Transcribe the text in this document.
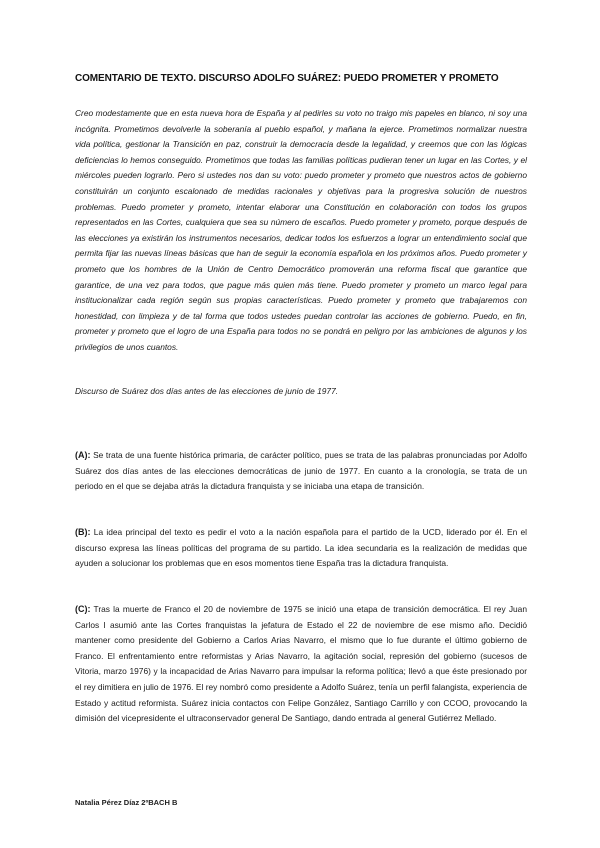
COMENTARIO DE TEXTO. DISCURSO ADOLFO SUÁREZ: PUEDO PROMETER Y PROMETO
Creo modestamente que en esta nueva hora de España y al pedirles su voto no traigo mis papeles en blanco, ni soy una incógnita. Prometimos devolverle la soberanía al pueblo español, y mañana la ejerce. Prometimos normalizar nuestra vida política, gestionar la Transición en paz, construir la democracia desde la legalidad, y creemos que con las lógicas deficiencias lo hemos conseguido. Prometimos que todas las familias políticas pudieran tener un lugar en las Cortes, y el miércoles pueden lograrlo. Pero si ustedes nos dan su voto: puedo prometer y prometo que nuestros actos de gobierno constituirán un conjunto escalonado de medidas racionales y objetivas para la progresiva solución de nuestros problemas. Puedo prometer y prometo, intentar elaborar una Constitución en colaboración con todos los grupos representados en las Cortes, cualquiera que sea su número de escaños. Puedo prometer y prometo, porque después de las elecciones ya existirán los instrumentos necesarios, dedicar todos los esfuerzos a lograr un entendimiento social que permita fijar las nuevas líneas básicas que han de seguir la economía española en los próximos años. Puedo prometer y prometo que los hombres de la Unión de Centro Democrático promoverán una reforma fiscal que garantice que garantice, de una vez para todos, que pague más quien más tiene. Puedo prometer y prometo un marco legal para institucionalizar cada región según sus propias características. Puedo prometer y prometo que trabajaremos con honestidad, con limpieza y de tal forma que todos ustedes puedan controlar las acciones de gobierno. Puedo, en fin, prometer y prometo que el logro de una España para todos no se pondrá en peligro por las ambiciones de algunos y los privilegios de unos cuantos.
Discurso de Suárez dos días antes de las elecciones de junio de 1977.
(A): Se trata de una fuente histórica primaria, de carácter político, pues se trata de las palabras pronunciadas por Adolfo Suárez dos días antes de las elecciones democráticas de junio de 1977. En cuanto a la cronología, se trata de un periodo en el que se dejaba atrás la dictadura franquista y se iniciaba una etapa de transición.
(B): La idea principal del texto es pedir el voto a la nación española para el partido de la UCD, liderado por él. En el discurso expresa las líneas políticas del programa de su partido. La idea secundaria es la realización de medidas que ayuden a solucionar los problemas que en esos momentos tiene España tras la dictadura franquista.
(C): Tras la muerte de Franco el 20 de noviembre de 1975 se inició una etapa de transición democrática. El rey Juan Carlos I asumió ante las Cortes franquistas la jefatura de Estado el 22 de noviembre de ese mismo año. Decidió mantener como presidente del Gobierno a Carlos Arias Navarro, el mismo que lo fue durante el último gobierno de Franco. El enfrentamiento entre reformistas y Arias Navarro, la agitación social, represión del gobierno (sucesos de Vitoria, marzo 1976) y la incapacidad de Arias Navarro para impulsar la reforma política; llevó a que éste presionado por el rey dimitiera en julio de 1976. El rey nombró como presidente a Adolfo Suárez, tenía un perfil falangista, experiencia de Estado y actitud reformista. Suárez inicia contactos con Felipe González, Santiago Carrillo y con CCOO, provocando la dimisión del vicepresidente el ultraconservador general De Santiago, dando entrada al general Gutiérrez Mellado.
Natalia Pérez Díaz 2ºBACH B
